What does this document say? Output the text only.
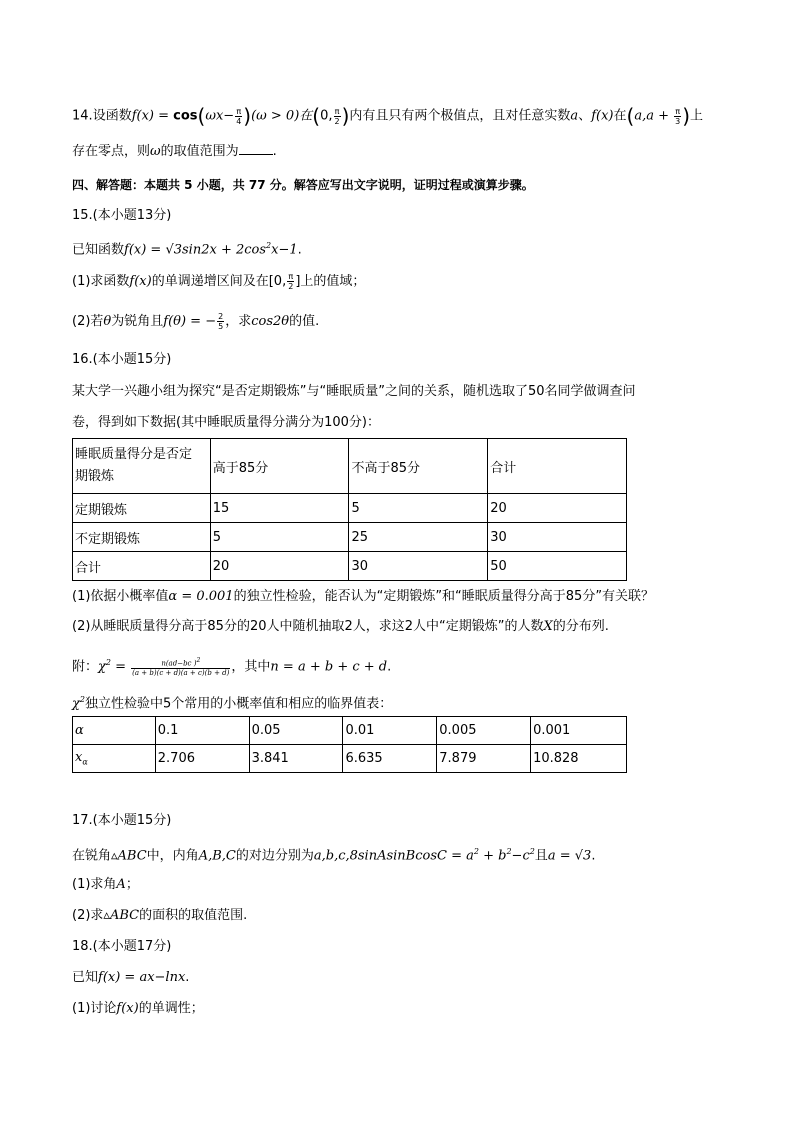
14.设函数$f(x) = \cos(\omega x- \frac{\pi}{4} )(\omega > 0)$在(0, $\frac{\pi}{2}$ )内有且只有两个极值点，且对任意实数a、f(x)在($a,a + \frac{\pi}{3}$ )上
存在零点，则ω的取值范围为	.
四、解答题：本题共 5 小题，共 77 分。解答应写出文字说明，证明过程或演算步骤。
15.(本小题13分)
已知函数$f(x) = √3\sin 2x + 2\cos^2x-1$.
(1)求函数f(x)的单调递增区间及在[0, $\frac{\pi}{2}$ ]上的值域；
(2)若θ为锐角且f(θ) = − $\frac{2}{5}$ ，求cos2θ的值.
16.(本小题15分)
某大学一兴趣小组为探究“是否定期锻炼”与“睡眠质量”之间的关系，随机选取了50名同学做调查问
卷，得到如下数据(其中睡眠质量得分满分为100分)：
睡眠质量得分是否定
期锻炼	高于85分	不高于85分	合计
定期锻炼	15	5	20
不定期锻炼	5	25	30
合计	20	30	50
(1)依据小概率值α = 0.001的独立性检验，能否认为“定期锻炼”和“睡眠质量得分高于85分”有关联？
(2)从睡眠质量得分高于85分的20人中随机抽取2人，求这2人中“定期锻炼”的人数X的分布列.
附：$\chi^2 = \frac{n(ad-bc )^2}{(a + b)(c + d)(a + c)(b + d)}$ ，其中n = a + b + c + d.
$\chi^2$独立性检验中5个常用的小概率值和相应的临界值表：
α	0.1	0.05	0.01	0.005	0.001
$x_\alpha$	2.706	3.841	6.635	7.879	10.828
17.(本小题15分)
在锐角▵ABC中，内角A,B,C的对边分别为a,b,c,8sinAsinBcosC = $a^2 + b^2-c^2$且a = √3.
(1)求角A；
(2)求▵ABC的面积的取值范围.
18.(本小题17分)
已知f(x) = ax−lnx.
(1)讨论f(x)的单调性；
